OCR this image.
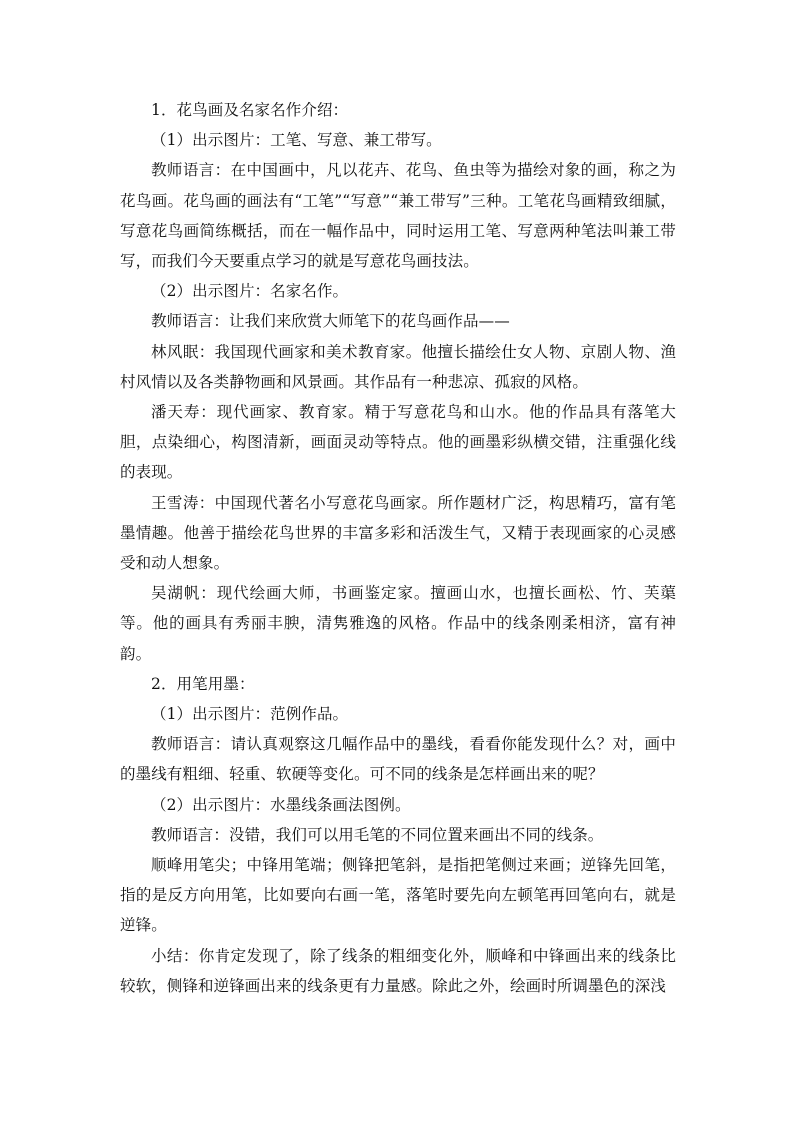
1．花鸟画及名家名作介绍：

（1）出示图片：工笔、写意、兼工带写。

教师语言：在中国画中，凡以花卉、花鸟、鱼虫等为描绘对象的画，称之为花鸟画。花鸟画的画法有“工笔”“写意”“兼工带写”三种。工笔花鸟画精致细腻，写意花鸟画简练概括，而在一幅作品中，同时运用工笔、写意两种笔法叫兼工带写，而我们今天要重点学习的就是写意花鸟画技法。

（2）出示图片：名家名作。

教师语言：让我们来欣赏大师笔下的花鸟画作品——

林风眠：我国现代画家和美术教育家。他擅长描绘仕女人物、京剧人物、渔村风情以及各类静物画和风景画。其作品有一种悲凉、孤寂的风格。

潘天寿：现代画家、教育家。精于写意花鸟和山水。他的作品具有落笔大胆，点染细心，构图清新，画面灵动等特点。他的画墨彩纵横交错，注重强化线的表现。

王雪涛：中国现代著名小写意花鸟画家。所作题材广泛，构思精巧，富有笔墨情趣。他善于描绘花鸟世界的丰富多彩和活泼生气，又精于表现画家的心灵感受和动人想象。

吴湖帆：现代绘画大师，书画鉴定家。擅画山水，也擅长画松、竹、芙蕖等。他的画具有秀丽丰腴，清隽雅逸的风格。作品中的线条刚柔相济，富有神韵。

2．用笔用墨：

（1）出示图片：范例作品。

教师语言：请认真观察这几幅作品中的墨线，看看你能发现什么？对，画中的墨线有粗细、轻重、软硬等变化。可不同的线条是怎样画出来的呢？

（2）出示图片：水墨线条画法图例。

教师语言：没错，我们可以用毛笔的不同位置来画出不同的线条。

顺峰用笔尖；中锋用笔端；侧锋把笔斜，是指把笔侧过来画；逆锋先回笔，指的是反方向用笔，比如要向右画一笔，落笔时要先向左顿笔再回笔向右，就是逆锋。

小结：你肯定发现了，除了线条的粗细变化外，顺峰和中锋画出来的线条比较软，侧锋和逆锋画出来的线条更有力量感。除此之外，绘画时所调墨色的深浅
